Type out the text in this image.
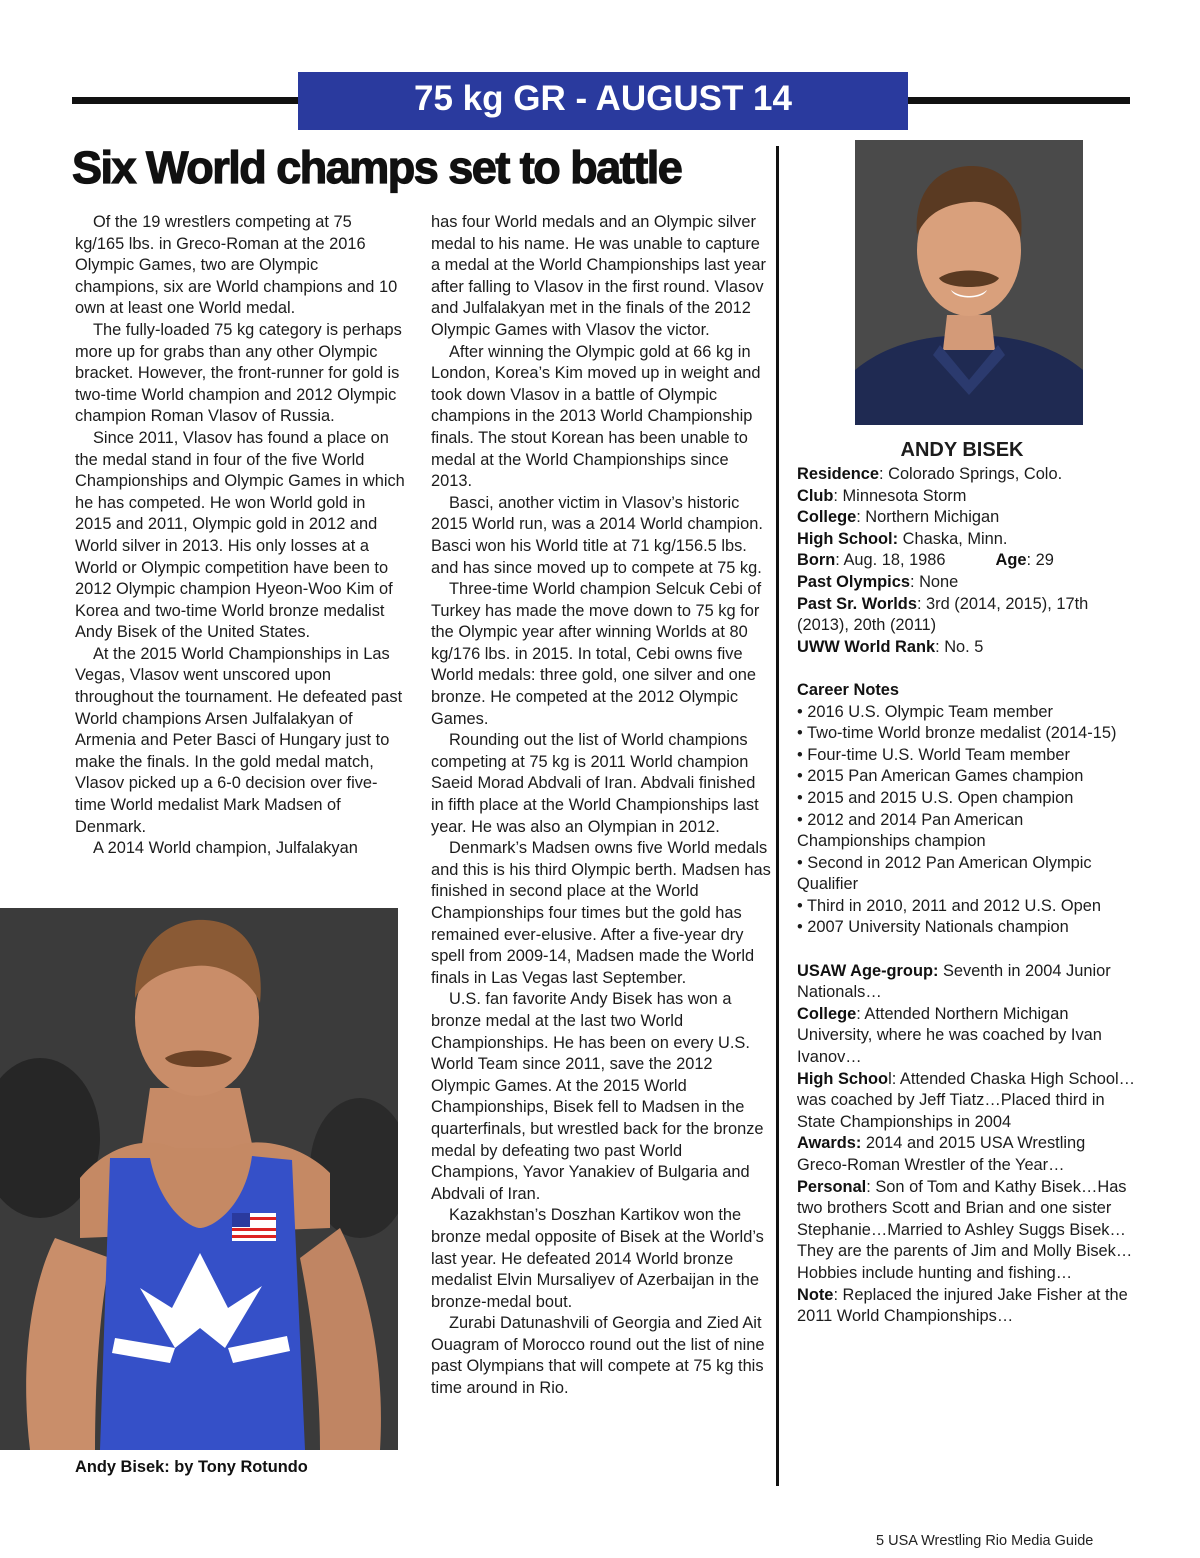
75 kg GR - AUGUST 14
Six World champs set to battle

Of the 19 wrestlers competing at 75 kg/165 lbs. in Greco-Roman at the 2016 Olympic Games, two are Olympic champions, six are World champions and 10 own at least one World medal.

The fully-loaded 75 kg category is perhaps more up for grabs than any other Olympic bracket. However, the front-runner for gold is two-time World champion and 2012 Olympic champion Roman Vlasov of Russia.

Since 2011, Vlasov has found a place on the medal stand in four of the five World Championships and Olympic Games in which he has competed. He won World gold in 2015 and 2011, Olympic gold in 2012 and World silver in 2013. His only losses at a World or Olympic competition have been to 2012 Olympic champion Hyeon-Woo Kim of Korea and two-time World bronze medalist Andy Bisek of the United States.

At the 2015 World Championships in Las Vegas, Vlasov went unscored upon throughout the tournament. He defeated past World champions Arsen Julfalakyan of Armenia and Peter Basci of Hungary just to make the finals. In the gold medal match, Vlasov picked up a 6-0 decision over five-time World medalist Mark Madsen of Denmark.

A 2014 World champion, Julfalakyan

has four World medals and an Olympic silver medal to his name. He was unable to capture a medal at the World Championships last year after falling to Vlasov in the first round. Vlasov and Julfalakyan met in the finals of the 2012 Olympic Games with Vlasov the victor.

After winning the Olympic gold at 66 kg in London, Korea’s Kim moved up in weight and took down Vlasov in a battle of Olympic champions in the 2013 World Championship finals. The stout Korean has been unable to medal at the World Championships since 2013.

Basci, another victim in Vlasov’s historic 2015 World run, was a 2014 World champion. Basci won his World title at 71 kg/156.5 lbs. and has since moved up to compete at 75 kg.

Three-time World champion Selcuk Cebi of Turkey has made the move down to 75 kg for the Olympic year after winning Worlds at 80 kg/176 lbs. in 2015. In total, Cebi owns five World medals: three gold, one silver and one bronze. He competed at the 2012 Olympic Games.

Rounding out the list of World champions competing at 75 kg is 2011 World champion Saeid Morad Abdvali of Iran. Abdvali finished in fifth place at the World Championships last year. He was also an Olympian in 2012.

Denmark’s Madsen owns five World medals and this is his third Olympic berth. Madsen has finished in second place at the World Championships four times but the gold has remained ever-elusive. After a five-year dry spell from 2009-14, Madsen made the World finals in Las Vegas last September.

U.S. fan favorite Andy Bisek has won a bronze medal at the last two World Championships. He has been on every U.S. World Team since 2011, save the 2012 Olympic Games. At the 2015 World Championships, Bisek fell to Madsen in the quarterfinals, but wrestled back for the bronze medal by defeating two past World Champions, Yavor Yanakiev of Bulgaria and Abdvali of Iran.

Kazakhstan’s Doszhan Kartikov won the bronze medal opposite of Bisek at the World’s last year. He defeated 2014 World bronze medalist Elvin Mursaliyev of Azerbaijan in the bronze-medal bout.

Zurabi Datunashvili of Georgia and Zied Ait Ouagram of Morocco round out the list of nine past Olympians that will compete at 75 kg this time around in Rio.

Andy Bisek: by Tony Rotundo
ANDY BISEK
Residence: Colorado Springs, Colo.
Club: Minnesota Storm
College: Northern Michigan
High School: Chaska, Minn.
Born: Aug. 18, 1986	Age: 29
Past Olympics: None
Past Sr. Worlds: 3rd (2014, 2015), 17th (2013), 20th (2011)
UWW World Rank: No. 5
Career Notes
• 2016 U.S. Olympic Team member
• Two-time World bronze medalist (2014-15)
• Four-time U.S. World Team member
• 2015 Pan American Games champion
• 2015 and 2015 U.S. Open champion
• 2012 and 2014 Pan American Championships champion
• Second in 2012 Pan American Olympic Qualifier
• Third in 2010, 2011 and 2012 U.S. Open
• 2007 University Nationals champion
USAW Age-group: Seventh in 2004 Junior Nationals…
College: Attended Northern Michigan University, where he was coached by Ivan Ivanov…
High School: Attended Chaska High School…was coached by Jeff Tiatz…Placed third in State Championships in 2004
Awards: 2014 and 2015 USA Wrestling Greco-Roman Wrestler of the Year…
Personal: Son of Tom and Kathy Bisek…Has two brothers Scott and Brian and one sister Stephanie…Married to Ashley Suggs Bisek… They are the parents of Jim and Molly Bisek… Hobbies include hunting and fishing…
Note: Replaced the injured Jake Fisher at the 2011 World Championships…
5 USA Wrestling Rio Media Guide
